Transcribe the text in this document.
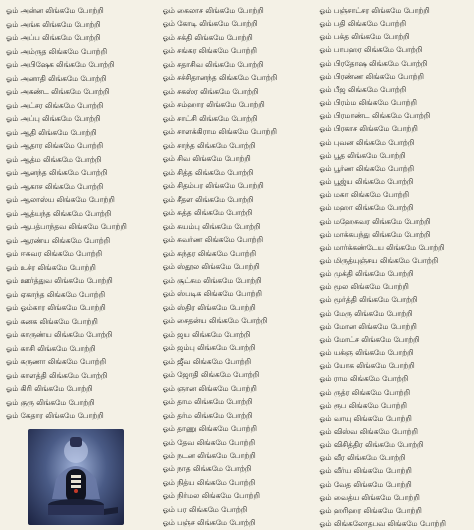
ஓம் அன்ன லிங்கமே போற்றி
ஓம் அங்க லிங்கமே போற்றி
ஓம் அப்ப லிங்கமே போற்றி
ஓம் அம்ருத லிங்கமே போற்றி
ஓம் அபிஷேக லிங்கமே போற்றி
ஓம் அனாதி லிங்கமே போற்றி
ஓம் அகண்ட லிங்கமே போற்றி
ஓம் அட்சர லிங்கமே போற்றி
ஓம் அப்பு லிங்கமே போற்றி
ஓம் ஆதி லிங்கமே போற்றி
ஓம் ஆதார லிங்கமே போற்றி
ஓம் ஆத்ம லிங்கமே போற்றி
ஓம் ஆனந்த லிங்கமே போற்றி
ஓம் ஆகாச லிங்கமே போற்றி
ஓம் ஆலாஸ்ய லிங்கமே போற்றி
ஓம் ஆத்யந்த லிங்கமே போற்றி
ஓம் ஆபத்பாந்தவ லிங்கமே போற்றி
ஓம் ஆரண்ய லிங்கமே போற்றி
ஓம் ஈசுவர லிங்கமே போற்றி
ஓம் உச்ர லிங்கமே போற்றி
ஓம் ஊர்த்துவ லிங்கமே போற்றி
ஓம் ஏகாந்த லிங்கமே போற்றி
ஓம் ஓம்கார லிங்கமே போற்றி
ஓம் கனக லிங்கமே போற்றி
ஓம் காருண்ய லிங்கமே போற்றி
ஓம் காசி லிங்கமே போற்றி
ஓம் கருணா லிங்கமே போற்றி
ஓம் காளத்தி லிங்கமே போற்றி
ஓம் கிரி லிங்கமே போற்றி
ஓம் குரு லிங்கமே போற்றி
ஓம் கேதார லிங்கமே போற்றி
ஓம் கைலாச லிங்கமே போற்றி
ஓம் கோடி லிங்கமே போற்றி
ஓம் சக்தி லிங்கமே போற்றி
ஓம் சங்கர லிங்கமே போற்றி
ஓம் சதாசிவ லிங்கமே போற்றி
ஓம் சச்சிதானந்த லிங்கமே போற்றி
ஓம் சகஸ்ர லிங்கமே போற்றி
ஓம் சம்ஹார லிங்கமே போற்றி
ஓம் சாட்சி லிங்கமே போற்றி
ஓம் சாளக்கிராம லிங்கமே போற்றி
ஓம் சாந்த லிங்கமே போற்றி
ஓம் சிவ லிங்கமே போற்றி
ஓம் சித்த லிங்கமே போற்றி
ஓம் சிதம்பர லிங்கமே போற்றி
ஓம் சீதள லிங்கமே போற்றி
ஓம் சுத்த லிங்கமே போற்றி
ஓம் சுயம்பு லிங்கமே போற்றி
ஓம் சுவர்ண லிங்கமே போற்றி
ஓம் சுந்தர லிங்கமே போற்றி
ஓம் ஸ்தூல லிங்கமே போற்றி
ஓம் சூட்சும லிங்கமே போற்றி
ஓம் ஸ்படிக லிங்கமே போற்றி
ஓம் ஸ்திர லிங்கமே போற்றி
ஓம் சைதன்ய லிங்கமே போற்றி
ஓம் ஜய லிங்கமே போற்றி
ஓம் ஜம்பு லிங்கமே போற்றி
ஓம் ஜீவ லிங்கமே போற்றி
ஓம் ஜோதி லிங்கமே போற்றி
ஓம் ஞான லிங்கமே போற்றி
ஓம் தாம லிங்கமே போற்றி
ஓம் தர்ம லிங்கமே போற்றி
ஓம் தாணு லிங்கமே போற்றி
ஓம் தேவ லிங்கமே போற்றி
ஓம் நடன லிங்கமே போற்றி
ஓம் நாத லிங்கமே போற்றி
ஓம் நித்ய லிங்கமே போற்றி
ஓம் நிர்மல லிங்கமே போற்றி
ஓம் பர லிங்கமே போற்றி
ஓம் பஞ்ச லிங்கமே போற்றி
ஓம் பஞ்சாட்சர லிங்கமே போற்றி
ஓம் பதி லிங்கமே போற்றி
ஓம் பக்த லிங்கமே போற்றி
ஓம் பாபஹர லிங்கமே போற்றி
ஓம் பிரதோஷ லிங்கமே போற்றி
ஓம் பிரண்ண லிங்கமே போற்றி
ஓம் பீஜ லிங்கமே போற்றி
ஓம் பிரம்ம லிங்கமே போற்றி
ஓம் பிரமாண்ட லிங்கமே போற்றி
ஓம் பிரகாச லிங்கமே போற்றி
ஓம் புவன லிங்கமே போற்றி
ஓம் பூத லிங்கமே போற்றி
ஓம் பூர்ண லிங்கமே போற்றி
ஓம் பூஜ்ய லிங்கமே போற்றி
ஓம் மகா லிங்கமே போற்றி
ஓம் மஹா லிங்கமே போற்றி
ஓம் மஹேசுவர லிங்கமே போற்றி
ஓம் மாக்கபந்து லிங்கமே போற்றி
ஓம் மார்க்கண்டேய லிங்கமே போற்றி
ஓம் மிருத்யுஞ்சய லிங்கமே போற்றி
ஓம் முக்தி லிங்கமே போற்றி
ஓம் மூல லிங்கமே போற்றி
ஓம் மூர்த்தி லிங்கமே போற்றி
ஓம் மேரு லிங்கமே போற்றி
ஓம் மோன லிங்கமே போற்றி
ஓம் மோட்ச லிங்கமே போற்றி
ஓம் யக்ஞ லிங்கமே போற்றி
ஓம் யோக லிங்கமே போற்றி
ஓம் ராம லிங்கமே போற்றி
ஓம் ருத்ர லிங்கமே போற்றி
ஓம் ரூப லிங்கமே போற்றி
ஓம் வாயு லிங்கமே போற்றி
ஓம் விஸ்வ லிங்கமே போற்றி
ஓம் விசித்திர லிங்கமே போற்றி
ஓம் வீர லிங்கமே போற்றி
ஓம் வீர்ய லிங்கமே போற்றி
ஓம் வேத லிங்கமே போற்றி
ஓம் வைத்ய லிங்கமே போற்றி
ஓம் ஹரிஹர லிங்கமே போற்றி
ஓம் லிங்கலோதபவ லிங்கமே போற்றி
